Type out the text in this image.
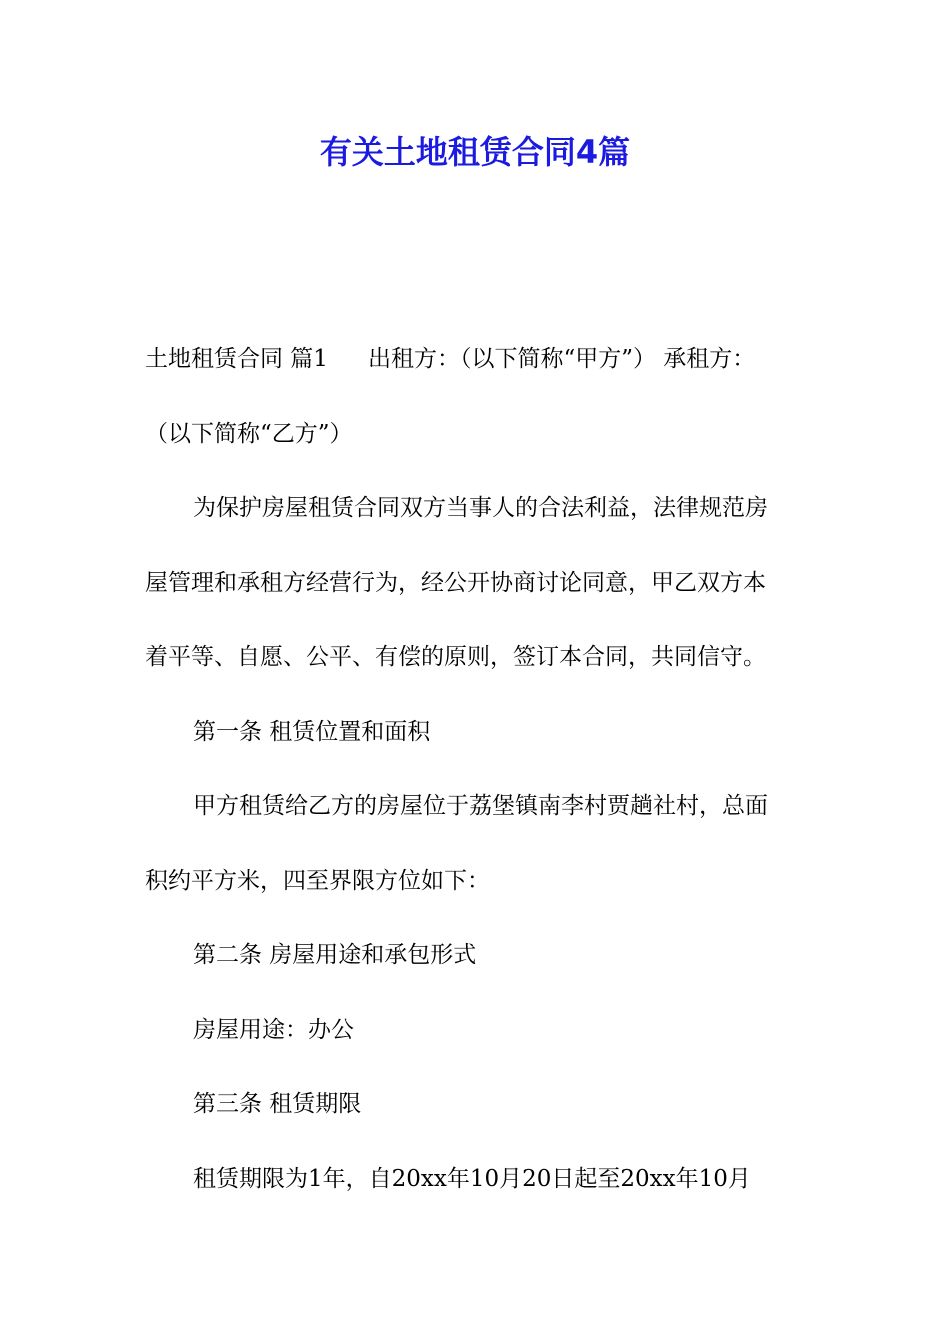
有关土地租赁合同4篇
土地租赁合同 篇1 出租方：（以下简称“甲方”） 承租方：
（以下简称“乙方”）
为保护房屋租赁合同双方当事人的合法利益，法律规范房
屋管理和承租方经营行为，经公开协商讨论同意，甲乙双方本
着平等、自愿、公平、有偿的原则，签订本合同，共同信守。
第一条 租赁位置和面积
甲方租赁给乙方的房屋位于荔堡镇南李村贾趟社村，总面
积约平方米，四至界限方位如下：
第二条 房屋用途和承包形式
房屋用途：办公
第三条 租赁期限
租赁期限为1年，自20xx年10月20日起至20xx年10月
